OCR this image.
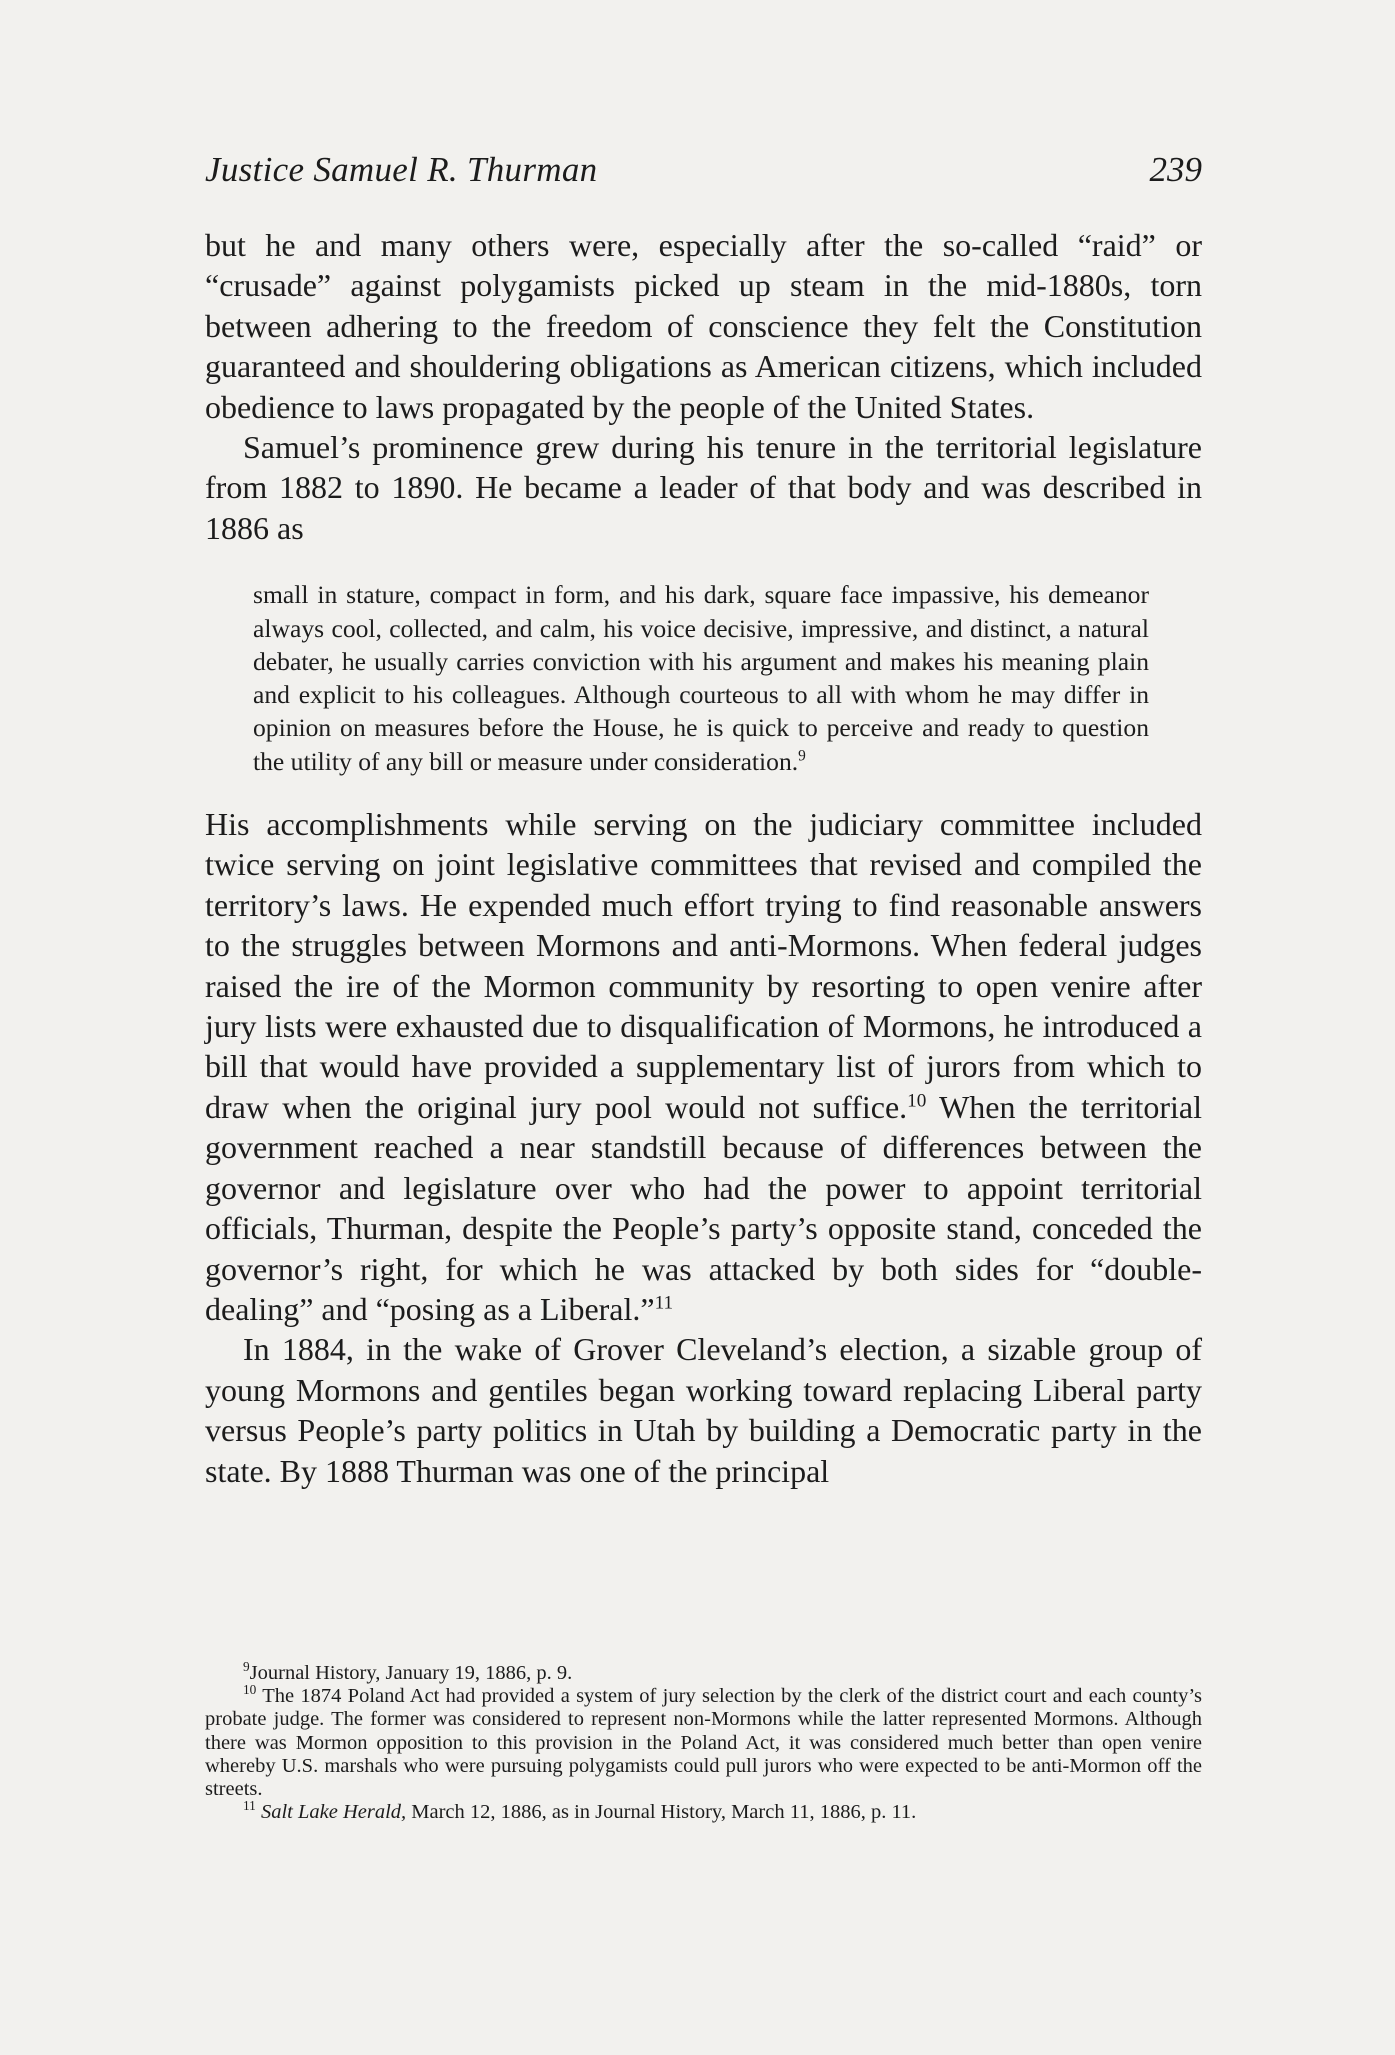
Justice Samuel R. Thurman	239

but he and many others were, especially after the so-called “raid” or “crusade” against polygamists picked up steam in the mid-1880s, torn between adhering to the freedom of conscience they felt the Constitution guaranteed and shouldering obligations as American citizens, which included obedience to laws propagated by the people of the United States.

Samuel’s prominence grew during his tenure in the territorial legislature from 1882 to 1890. He became a leader of that body and was described in 1886 as

small in stature, compact in form, and his dark, square face impassive, his demeanor always cool, collected, and calm, his voice decisive, impressive, and distinct, a natural debater, he usually carries conviction with his argument and makes his meaning plain and explicit to his colleagues. Although courteous to all with whom he may differ in opinion on measures before the House, he is quick to perceive and ready to question the utility of any bill or measure under consideration.$^9$

His accomplishments while serving on the judiciary committee included twice serving on joint legislative committees that revised and compiled the territory’s laws. He expended much effort trying to find reasonable answers to the struggles between Mormons and anti-Mormons. When federal judges raised the ire of the Mormon community by resorting to open venire after jury lists were exhausted due to disqualification of Mormons, he introduced a bill that would have provided a supplementary list of jurors from which to draw when the original jury pool would not suffice.$^{10}$ When the territorial government reached a near standstill because of differences between the governor and legislature over who had the power to appoint territorial officials, Thurman, despite the People’s party’s opposite stand, conceded the governor’s right, for which he was attacked by both sides for “double-dealing” and “posing as a Liberal.”$^{11}$

In 1884, in the wake of Grover Cleveland’s election, a sizable group of young Mormons and gentiles began working toward replacing Liberal party versus People’s party politics in Utah by building a Democratic party in the state. By 1888 Thurman was one of the principal

$^9$Journal History, January 19, 1886, p. 9.

$^{10}$ The 1874 Poland Act had provided a system of jury selection by the clerk of the district court and each county’s probate judge. The former was considered to represent non-Mormons while the latter represented Mormons. Although there was Mormon opposition to this provision in the Poland Act, it was considered much better than open venire whereby U.S. marshals who were pursuing polygamists could pull jurors who were expected to be anti-Mormon off the streets.

$^{11}$ Salt Lake Herald, March 12, 1886, as in Journal History, March 11, 1886, p. 11.
